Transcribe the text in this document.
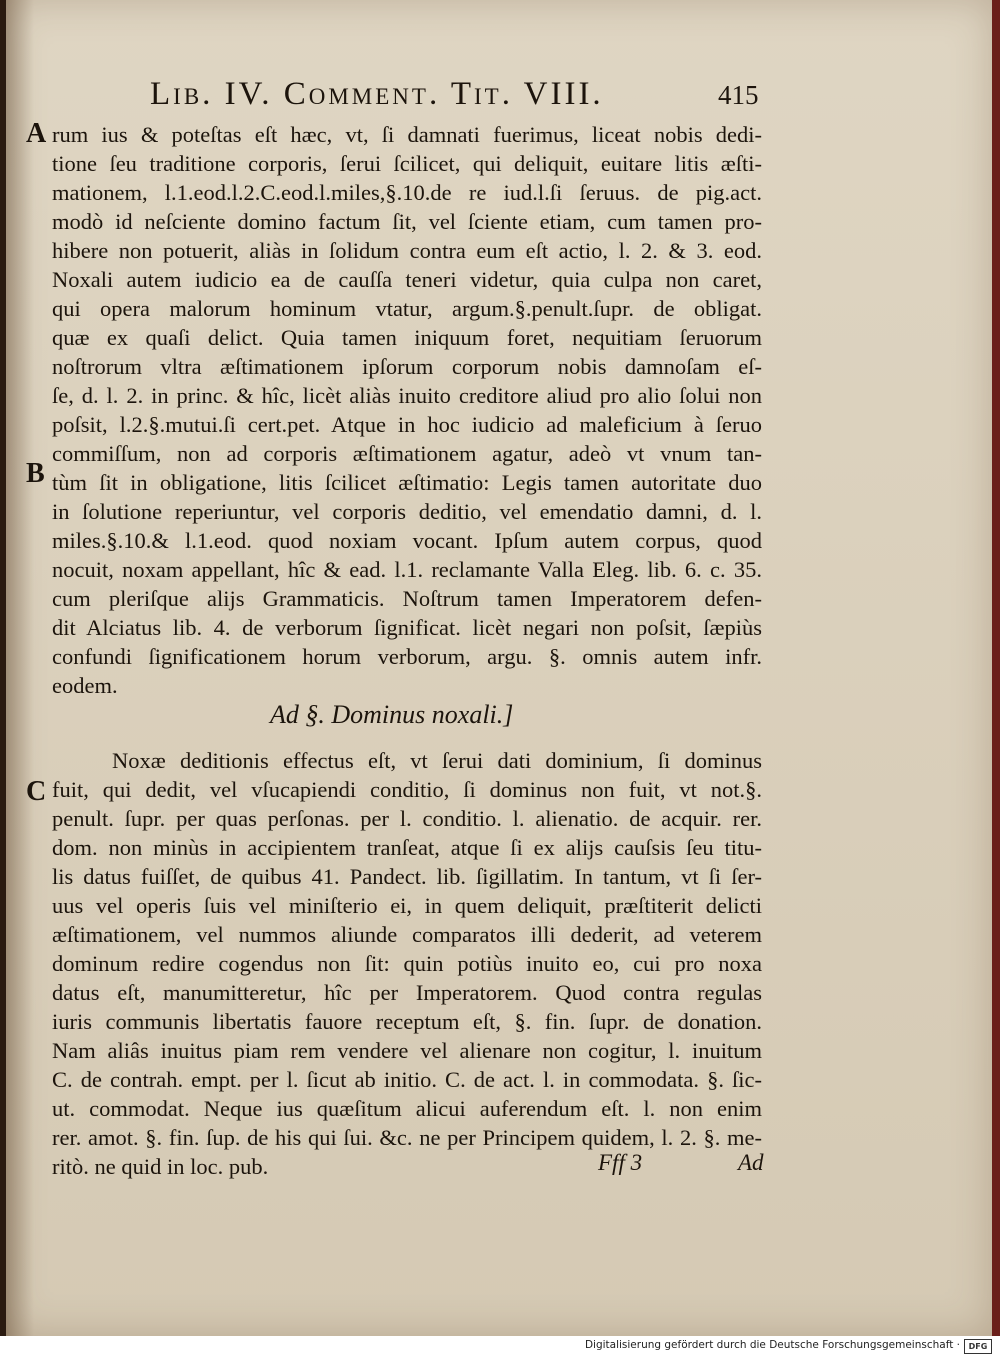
Lib. IV. Comment. Tit. VIII.	415
A
B
C
rum ius & poteſtas eſt hæc, vt, ſi damnati fuerimus, liceat nobis dedi-
tione ſeu traditione corporis, ſerui ſcilicet, qui deliquit, euitare litis æſti-
mationem, l.1.eod.l.2.C.eod.l.miles,§.10.de re iud.l.ſi ſeruus. de pig.act.
modò id neſciente domino factum ſit, vel ſciente etiam, cum tamen pro-
hibere non potuerit, aliàs in ſolidum contra eum eſt actio, l. 2. & 3. eod.
Noxali autem iudicio ea de cauſſa teneri videtur, quia culpa non caret,
qui opera malorum hominum vtatur, argum.§.penult.ſupr. de obligat.
quæ ex quaſi delict. Quia tamen iniquum foret, nequitiam ſeruorum
noſtrorum vltra æſtimationem ipſorum corporum nobis damnoſam eſ-
ſe, d. l. 2. in princ. & hîc, licèt aliàs inuito creditore aliud pro alio ſolui non
poſsit, l.2.§.mutui.ſi cert.pet. Atque in hoc iudicio ad maleficium à ſeruo
commiſſum, non ad corporis æſtimationem agatur, adeò vt vnum tan-
tùm ſit in obligatione, litis ſcilicet æſtimatio: Legis tamen autoritate duo
in ſolutione reperiuntur, vel corporis deditio, vel emendatio damni, d. l.
miles.§.10.& l.1.eod. quod noxiam vocant. Ipſum autem corpus, quod
nocuit, noxam appellant, hîc & ead. l.1. reclamante Valla Eleg. lib. 6. c. 35.
cum pleriſque alijs Grammaticis. Noſtrum tamen Imperatorem defen-
dit Alciatus lib. 4. de verborum ſignificat. licèt negari non poſsit, ſæpiùs
confundi ſignificationem horum verborum, argu. §. omnis autem infr.
eodem.
Ad §. Dominus noxali.]
Noxæ deditionis effectus eſt, vt ſerui dati dominium, ſi dominus
fuit, qui dedit, vel vſucapiendi conditio, ſi dominus non fuit, vt not.§.
penult. ſupr. per quas perſonas. per l. conditio. l. alienatio. de acquir. rer.
dom. non minùs in accipientem tranſeat, atque ſi ex alijs cauſsis ſeu titu-
lis datus fuiſſet, de quibus 41. Pandect. lib. ſigillatim. In tantum, vt ſi ſer-
uus vel operis ſuis vel miniſterio ei, in quem deliquit, præſtiterit delicti
æſtimationem, vel nummos aliunde comparatos illi dederit, ad veterem
dominum redire cogendus non ſit: quin potiùs inuito eo, cui pro noxa
datus eſt, manumitteretur, hîc per Imperatorem. Quod contra regulas
iuris communis libertatis fauore receptum eſt, §. fin. ſupr. de donation.
Nam aliâs inuitus piam rem vendere vel alienare non cogitur, l. inuitum
C. de contrah. empt. per l. ſicut ab initio. C. de act. l. in commodata. §. ſic-
ut. commodat. Neque ius quæſitum alicui auferendum eſt. l. non enim
rer. amot. §. fin. ſup. de his qui ſui. &c. ne per Principem quidem, l. 2. §. me-
ritò. ne quid in loc. pub.	Fff 3	Ad
Digitalisierung gefördert durch die Deutsche Forschungsgemeinschaft ·	DFG
